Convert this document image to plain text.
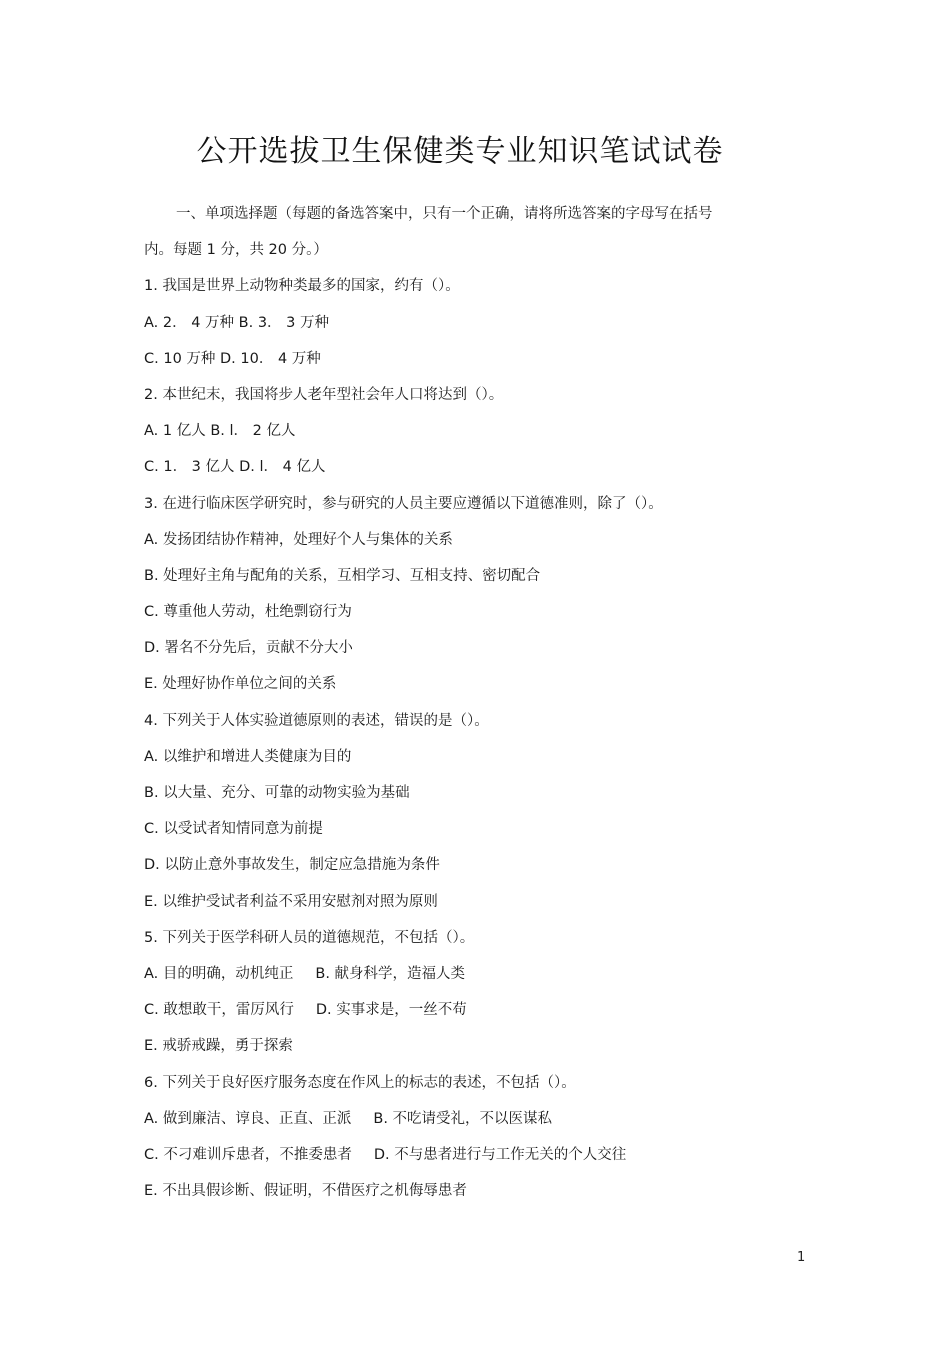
公开选拔卫生保健类专业知识笔试试卷
一、单项选择题（每题的备选答案中，只有一个正确，请将所选答案的字母写在括号
内。每题 1 分，共 20 分。）
1. 我国是世界上动物种类最多的国家，约有（）。
A. 2． 4 万种 B. 3． 3 万种
C. 10 万种 D. 10． 4 万种
2. 本世纪末，我国将步人老年型社会年人口将达到（）。
A. 1 亿人 B. l． 2 亿人
C. 1． 3 亿人 D. l． 4 亿人
3. 在进行临床医学研究时，参与研究的人员主要应遵循以下道德准则，除了（）。
A. 发扬团结协作精神，处理好个人与集体的关系
B. 处理好主角与配角的关系，互相学习、互相支持、密切配合
C. 尊重他人劳动，杜绝剽窃行为
D. 署名不分先后，贡献不分大小
E. 处理好协作单位之间的关系
4. 下列关于人体实验道德原则的表述，错误的是（）。
A. 以维护和增进人类健康为目的
B. 以大量、充分、可靠的动物实验为基础
C. 以受试者知情同意为前提
D. 以防止意外事故发生，制定应急措施为条件
E. 以维护受试者利益不采用安慰剂对照为原则
5. 下列关于医学科研人员的道德规范，不包括（）。
A. 目的明确，动机纯正 B. 献身科学，造福人类
C. 敢想敢干，雷厉风行 D. 实事求是，一丝不苟
E. 戒骄戒躁，勇于探索
6. 下列关于良好医疗服务态度在作风上的标志的表述，不包括（）。
A. 做到廉洁、谆良、正直、正派 B. 不吃请受礼，不以医谋私
C. 不刁难训斥患者，不推委患者 D. 不与患者进行与工作无关的个人交往
E. 不出具假诊断、假证明，不借医疗之机侮辱患者
1
